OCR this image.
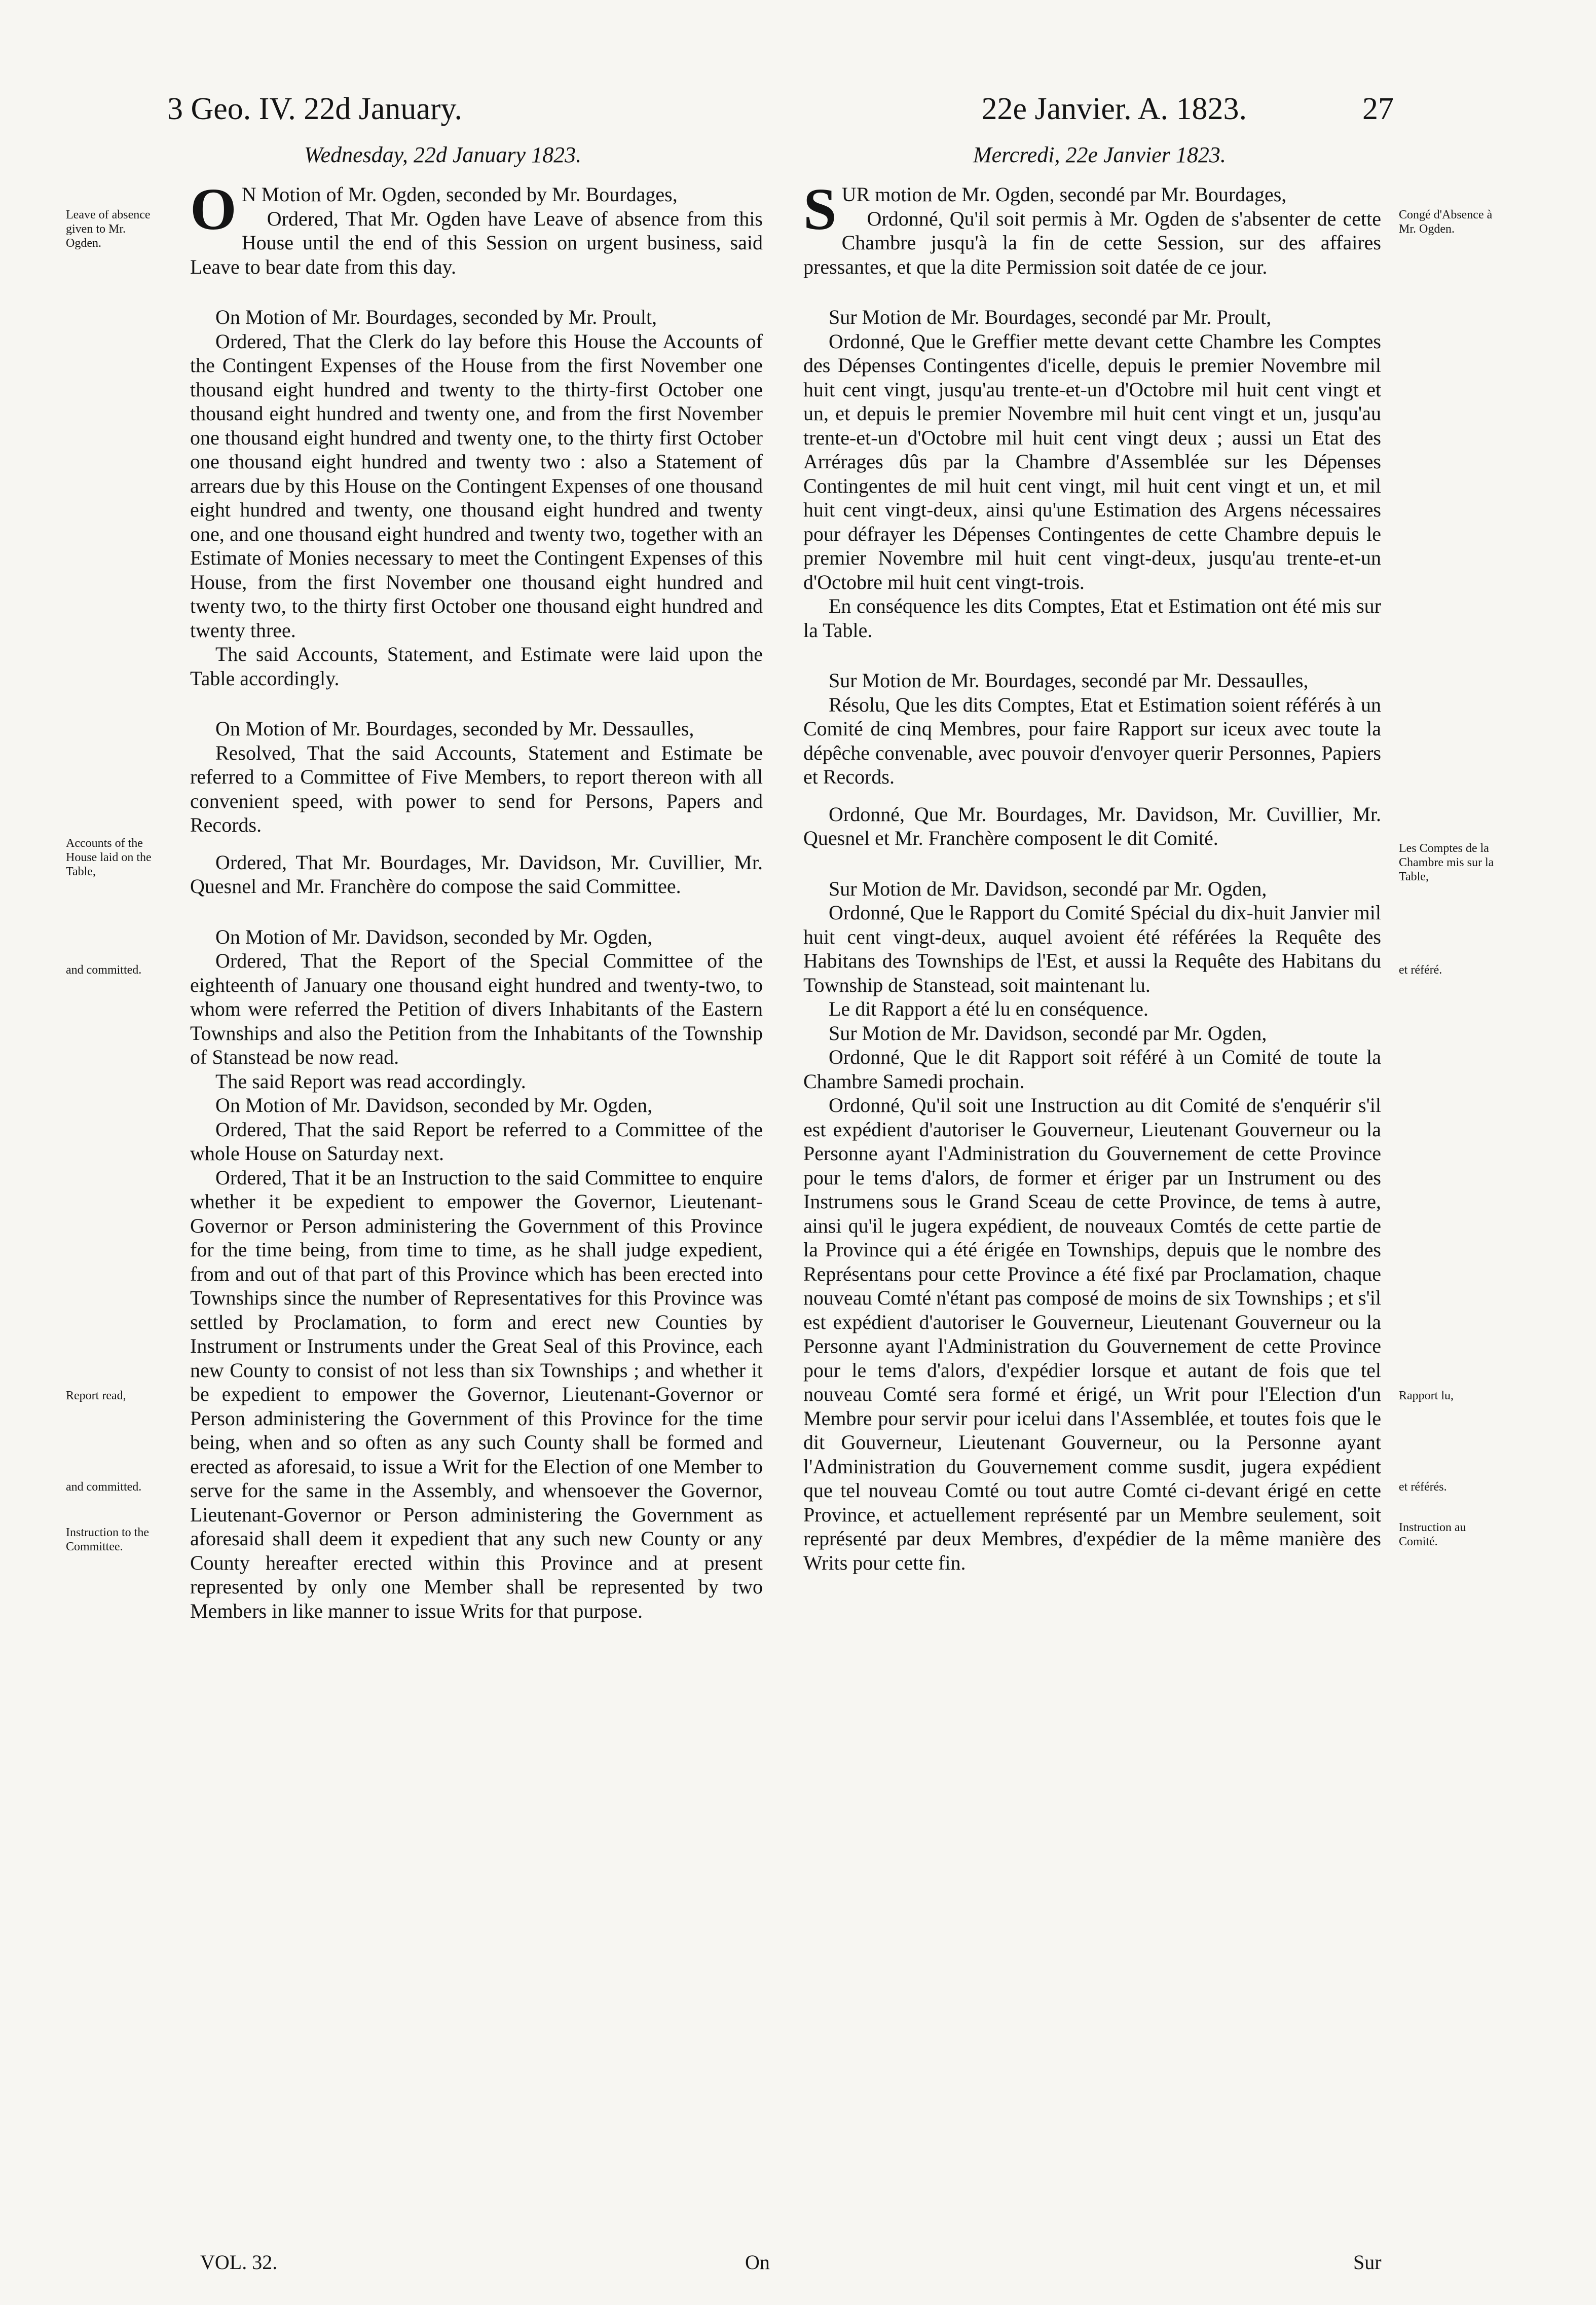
3 Geo. IV. 22d January.	22e Janvier. A. 1823.	27
Wednesday, 22d January 1823.	Mercredi, 22e Janvier 1823.

O N Motion of Mr. Ogden, seconded by Mr. Bourdages,

Ordered, That Mr. Ogden have Leave of absence from this House until the end of this Session on urgent business, said Leave to bear date from this day.

On Motion of Mr. Bourdages, seconded by Mr. Proult,

Ordered, That the Clerk do lay before this House the Accounts of the Contingent Expenses of the House from the first November one thousand eight hundred and twenty to the thirty-first October one thousand eight hundred and twenty one, and from the first November one thousand eight hundred and twenty one, to the thirty first October one thousand eight hundred and twenty two : also a Statement of arrears due by this House on the Contingent Expenses of one thousand eight hundred and twenty, one thousand eight hundred and twenty one, and one thousand eight hundred and twenty two, together with an Estimate of Monies necessary to meet the Contingent Expenses of this House, from the first November one thousand eight hundred and twenty two, to the thirty first October one thousand eight hundred and twenty three.

The said Accounts, Statement, and Estimate were laid upon the Table accordingly.

On Motion of Mr. Bourdages, seconded by Mr. Dessaulles,

Resolved, That the said Accounts, Statement and Estimate be referred to a Committee of Five Members, to report thereon with all convenient speed, with power to send for Persons, Papers and Records.

Ordered, That Mr. Bourdages, Mr. Davidson, Mr. Cuvillier, Mr. Quesnel and Mr. Franchère do compose the said Committee.

On Motion of Mr. Davidson, seconded by Mr. Ogden,

Ordered, That the Report of the Special Committee of the eighteenth of January one thousand eight hundred and twenty-two, to whom were referred the Petition of divers Inhabitants of the Eastern Townships and also the Petition from the Inhabitants of the Township of Stanstead be now read.

The said Report was read accordingly.

On Motion of Mr. Davidson, seconded by Mr. Ogden,

Ordered, That the said Report be referred to a Committee of the whole House on Saturday next.

Ordered, That it be an Instruction to the said Committee to enquire whether it be expedient to empower the Governor, Lieutenant-Governor or Person administering the Government of this Province for the time being, from time to time, as he shall judge expedient, from and out of that part of this Province which has been erected into Townships since the number of Representatives for this Province was settled by Proclamation, to form and erect new Counties by Instrument or Instruments under the Great Seal of this Province, each new County to consist of not less than six Townships ; and whether it be expedient to empower the Governor, Lieutenant-Governor or Person administering the Government of this Province for the time being, when and so often as any such County shall be formed and erected as aforesaid, to issue a Writ for the Election of one Member to serve for the same in the Assembly, and whensoever the Governor, Lieutenant-Governor or Person administering the Government as aforesaid shall deem it expedient that any such new County or any County hereafter erected within this Province and at present represented by only one Member shall be represented by two Members in like manner to issue Writs for that purpose.

SUR motion de Mr. Ogden, secondé par Mr. Bourdages,

Ordonné, Qu'il soit permis à Mr. Ogden de s'absenter de cette Chambre jusqu'à la fin de cette Session, sur des affaires pressantes, et que la dite Permission soit datée de ce jour.

Sur Motion de Mr. Bourdages, secondé par Mr. Proult,

Ordonné, Que le Greffier mette devant cette Chambre les Comptes des Dépenses Contingentes d'icelle, depuis le premier Novembre mil huit cent vingt, jusqu'au trente-et-un d'Octobre mil huit cent vingt et un, et depuis le premier Novembre mil huit cent vingt et un, jusqu'au trente-et-un d'Octobre mil huit cent vingt deux ; aussi un Etat des Arrérages dûs par la Chambre d'Assemblée sur les Dépenses Contingentes de mil huit cent vingt, mil huit cent vingt et un, et mil huit cent vingt-deux, ainsi qu'une Estimation des Argens nécessaires pour défrayer les Dépenses Contingentes de cette Chambre depuis le premier Novembre mil huit cent vingt-deux, jusqu'au trente-et-un d'Octobre mil huit cent vingt-trois.

En conséquence les dits Comptes, Etat et Estimation ont été mis sur la Table.

Sur Motion de Mr. Bourdages, secondé par Mr. Dessaulles,

Résolu, Que les dits Comptes, Etat et Estimation soient référés à un Comité de cinq Membres, pour faire Rapport sur iceux avec toute la dépêche convenable, avec pouvoir d'envoyer querir Personnes, Papiers et Records.

Ordonné, Que Mr. Bourdages, Mr. Davidson, Mr. Cuvillier, Mr. Quesnel et Mr. Franchère composent le dit Comité.

Sur Motion de Mr. Davidson, secondé par Mr. Ogden,

Ordonné, Que le Rapport du Comité Spécial du dix-huit Janvier mil huit cent vingt-deux, auquel avoient été référées la Requête des Habitans des Townships de l'Est, et aussi la Requête des Habitans du Township de Stanstead, soit maintenant lu.

Le dit Rapport a été lu en conséquence.

Sur Motion de Mr. Davidson, secondé par Mr. Ogden,

Ordonné, Que le dit Rapport soit référé à un Comité de toute la Chambre Samedi prochain.

Ordonné, Qu'il soit une Instruction au dit Comité de s'enquérir s'il est expédient d'autoriser le Gouverneur, Lieutenant Gouverneur ou la Personne ayant l'Administration du Gouvernement de cette Province pour le tems d'alors, de former et ériger par un Instrument ou des Instrumens sous le Grand Sceau de cette Province, de tems à autre, ainsi qu'il le jugera expédient, de nouveaux Comtés de cette partie de la Province qui a été érigée en Townships, depuis que le nombre des Représentans pour cette Province a été fixé par Proclamation, chaque nouveau Comté n'étant pas composé de moins de six Townships ; et s'il est expédient d'autoriser le Gouverneur, Lieutenant Gouverneur ou la Personne ayant l'Administration du Gouvernement de cette Province pour le tems d'alors, d'expédier lorsque et autant de fois que tel nouveau Comté sera formé et érigé, un Writ pour l'Election d'un Membre pour servir pour icelui dans l'Assemblée, et toutes fois que le dit Gouverneur, Lieutenant Gouverneur, ou la Personne ayant l'Administration du Gouvernement comme susdit, jugera expédient que tel nouveau Comté ou tout autre Comté ci-devant érigé en cette Province, et actuellement représenté par un Membre seulement, soit représenté par deux Membres, d'expédier de la même manière des Writs pour cette fin.

Leave of absence given to Mr. Ogden.
Accounts of the House laid on the Table,
and committed.
Report read,
and committed.
Instruction to the Committee.
Congé d'Absence à Mr. Ogden.
Les Comptes de la Chambre mis sur la Table,
et référé.
Rapport lu,
et référés.
Instruction au Comité.
VOL. 32.	On	Sur
